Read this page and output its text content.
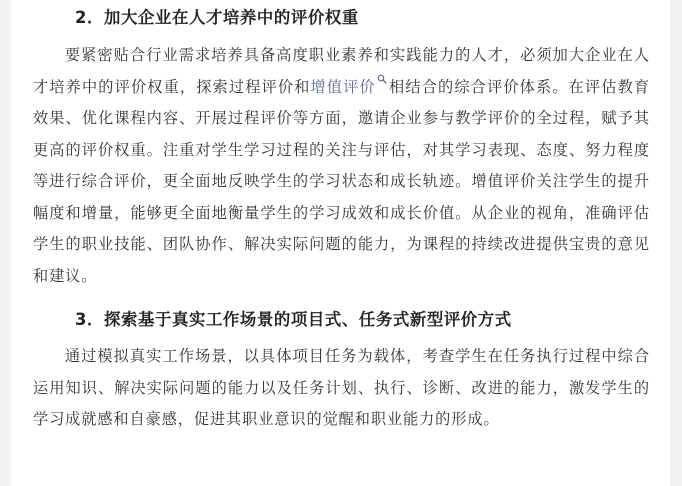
2．加大企业在人才培养中的评价权重

要紧密贴合行业需求培养具备高度职业素养和实践能力的人才，必须加大企业在人才培养中的评价权重，探索过程评价和增值评价 相结合的综合评价体系。在评估教育效果、优化课程内容、开展过程评价等方面，邀请企业参与教学评价的全过程，赋予其更高的评价权重。注重对学生学习过程的关注与评估，对其学习表现、态度、努力程度等进行综合评价，更全面地反映学生的学习状态和成长轨迹。增值评价关注学生的提升幅度和增量，能够更全面地衡量学生的学习成效和成长价值。从企业的视角，准确评估学生的职业技能、团队协作、解决实际问题的能力，为课程的持续改进提供宝贵的意见和建议。

3．探索基于真实工作场景的项目式、任务式新型评价方式

通过模拟真实工作场景，以具体项目任务为载体，考查学生在任务执行过程中综合运用知识、解决实际问题的能力以及任务计划、执行、诊断、改进的能力，激发学生的学习成就感和自豪感，促进其职业意识的觉醒和职业能力的形成。
